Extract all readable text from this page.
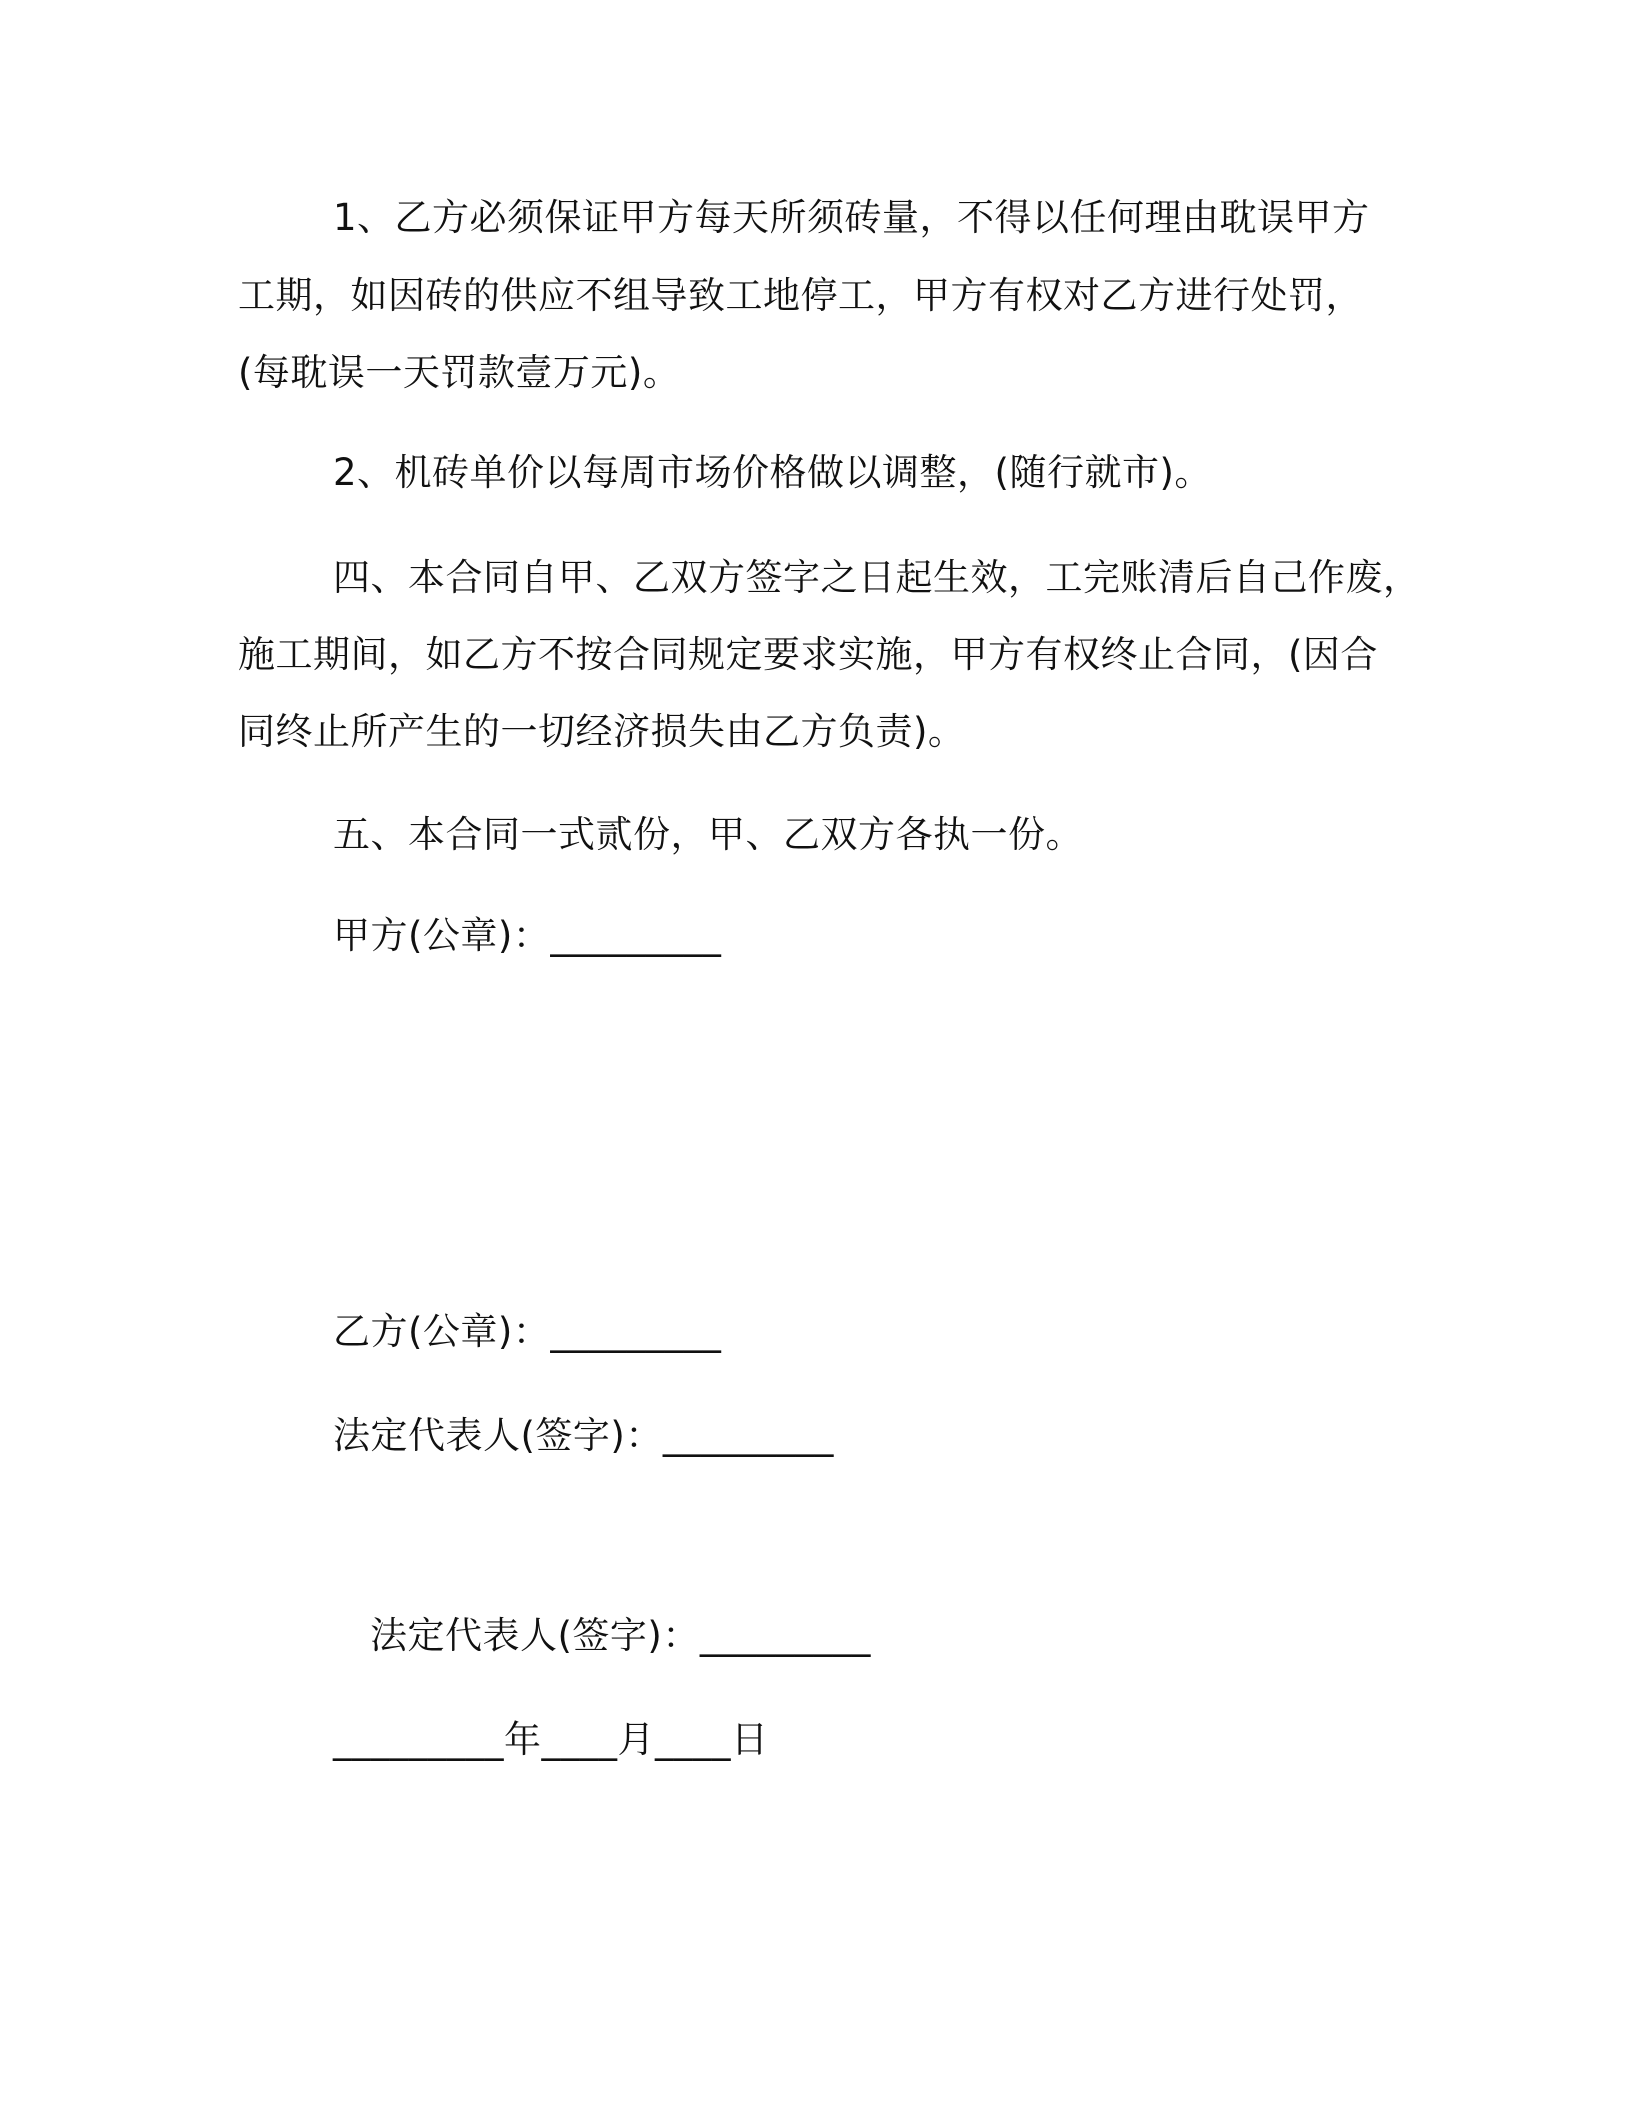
1、乙方必须保证甲方每天所须砖量，不得以任何理由耽误甲方
工期，如因砖的供应不组导致工地停工，甲方有权对乙方进行处罚，
(每耽误一天罚款壹万元)。
2、机砖单价以每周市场价格做以调整，(随行就市)。
四、本合同自甲、乙双方签字之日起生效，工完账清后自己作废，
施工期间，如乙方不按合同规定要求实施，甲方有权终止合同，(因合
同终止所产生的一切经济损失由乙方负责)。
五、本合同一式贰份，甲、乙双方各执一份。
甲方(公章)：_________
乙方(公章)：_________
法定代表人(签字)：_________
法定代表人(签字)：_________
_________年____月____日
